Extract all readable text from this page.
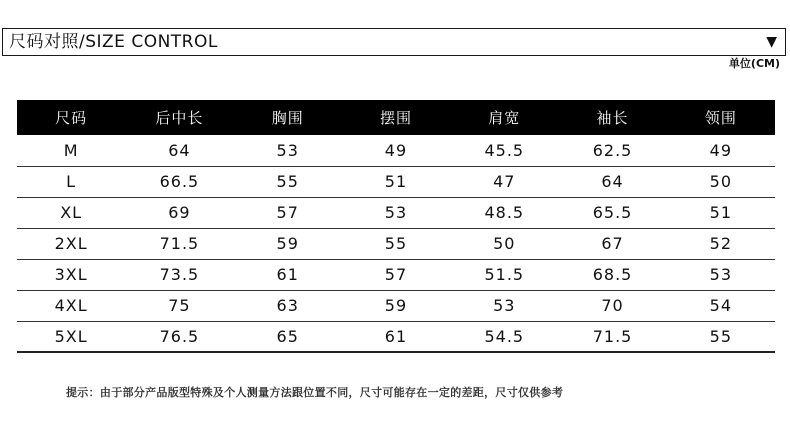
尺码对照/SIZE CONTROL	▼
单位(CM)
尺码	后中长	胸围	摆围	肩宽	袖长	领围
M	64	53	49	45.5	62.5	49
L	66.5	55	51	47	64	50
XL	69	57	53	48.5	65.5	51
2XL	71.5	59	55	50	67	52
3XL	73.5	61	57	51.5	68.5	53
4XL	75	63	59	53	70	54
5XL	76.5	65	61	54.5	71.5	55
提示：由于部分产品版型特殊及个人测量方法跟位置不同，尺寸可能存在一定的差距，尺寸仅供参考
